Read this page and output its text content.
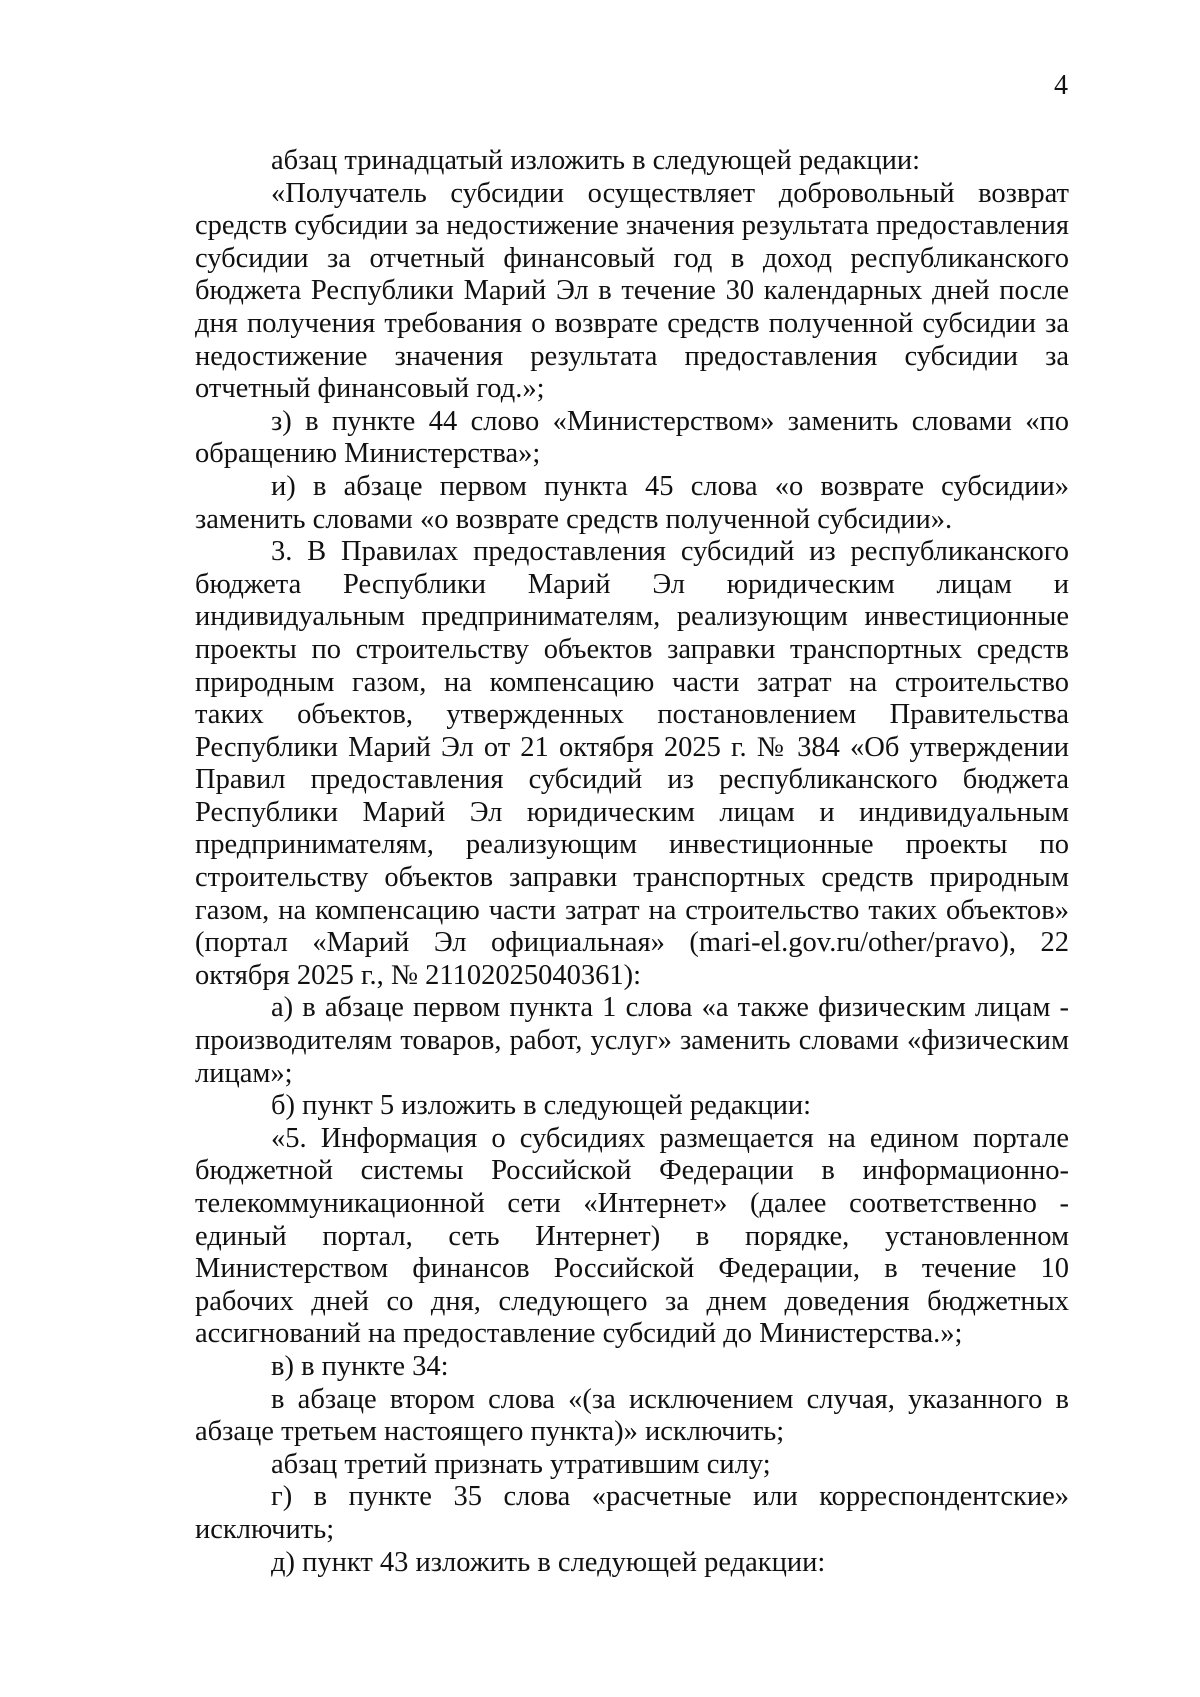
4

абзац тринадцатый изложить в следующей редакции:

«Получатель субсидии осуществляет добровольный возврат средств субсидии за недостижение значения результата предоставления субсидии за отчетный финансовый год в доход республиканского бюджета Республики Марий Эл в течение 30 календарных дней после дня получения требования о возврате средств полученной субсидии за недостижение значения результата предоставления субсидии за отчетный финансовый год.»;

з) в пункте 44 слово «Министерством» заменить словами «по обращению Министерства»;

и) в абзаце первом пункта 45 слова «о возврате субсидии» заменить словами «о возврате средств полученной субсидии».

3. В Правилах предоставления субсидий из республиканского бюджета Республики Марий Эл юридическим лицам и индивидуальным предпринимателям, реализующим инвестиционные проекты по строительству объектов заправки транспортных средств природным газом, на компенсацию части затрат на строительство таких объектов, утвержденных постановлением Правительства Республики Марий Эл от 21 октября 2025 г. № 384 «Об утверждении Правил предоставления субсидий из республиканского бюджета Республики Марий Эл юридическим лицам и индивидуальным предпринимателям, реализующим инвестиционные проекты по строительству объектов заправки транспортных средств природным газом, на компенсацию части затрат на строительство таких объектов» (портал «Марий Эл официальная» (mari-el.gov.ru/other/pravo), 22 октября 2025 г., № 21102025040361):

а) в абзаце первом пункта 1 слова «а также физическим лицам - производителям товаров, работ, услуг» заменить словами «физическим лицам»;

б) пункт 5 изложить в следующей редакции:

«5. Информация о субсидиях размещается на едином портале бюджетной системы Российской Федерации в информационно-телекоммуникационной сети «Интернет» (далее соответственно - единый портал, сеть Интернет) в порядке, установленном Министерством финансов Российской Федерации, в течение 10 рабочих дней со дня, следующего за днем доведения бюджетных ассигнований на предоставление субсидий до Министерства.»;

в) в пункте 34:

в абзаце втором слова «(за исключением случая, указанного в абзаце третьем настоящего пункта)» исключить;

абзац третий признать утратившим силу;

г) в пункте 35 слова «расчетные или корреспондентские» исключить;

д) пункт 43 изложить в следующей редакции:
